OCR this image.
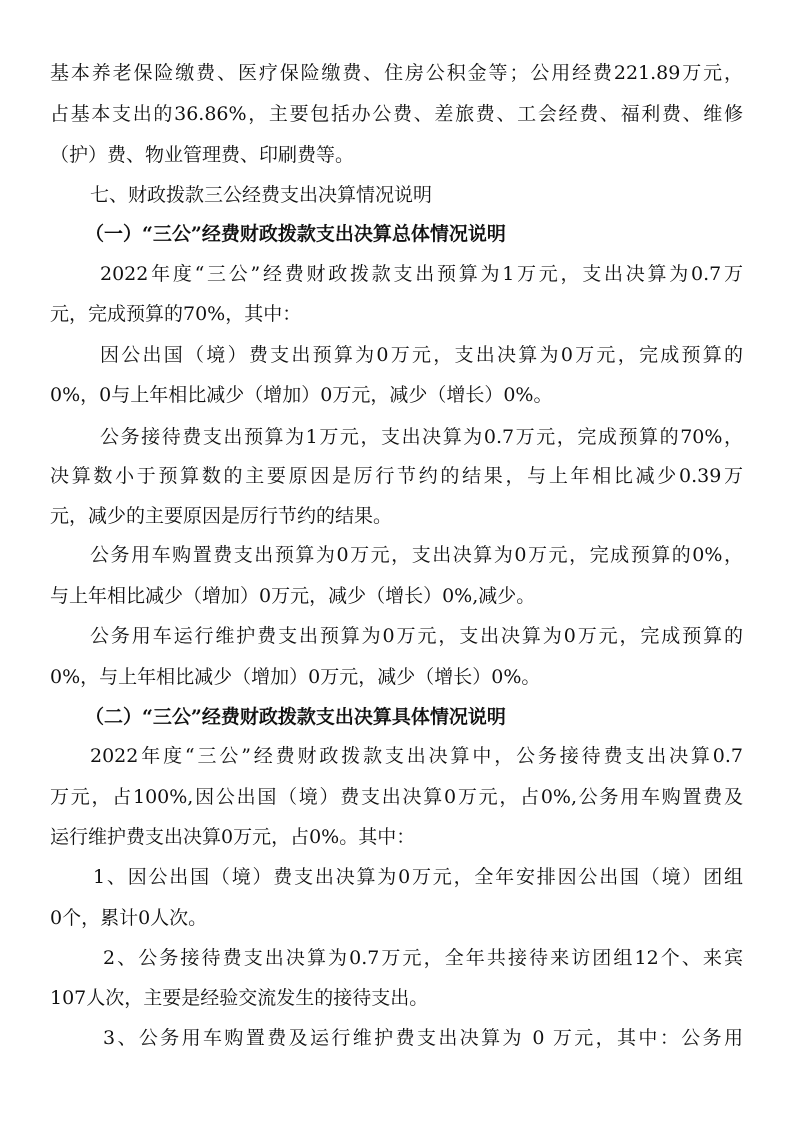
基本养老保险缴费、医疗保险缴费、住房公积金等；公用经费221.89万元，
占基本支出的36.86%，主要包括办公费、差旅费、工会经费、福利费、维修
（护）费、物业管理费、印刷费等。
七、财政拨款三公经费支出决算情况说明
（一）“三公”经费财政拨款支出决算总体情况说明
2022年度“三公”经费财政拨款支出预算为1万元，支出决算为0.7万
元，完成预算的70%，其中：
因公出国（境）费支出预算为0万元，支出决算为0万元，完成预算的
0%，0与上年相比减少（增加）0万元，减少（增长）0%。
公务接待费支出预算为1万元，支出决算为0.7万元，完成预算的70%，
决算数小于预算数的主要原因是厉行节约的结果，与上年相比减少0.39万
元，减少的主要原因是厉行节约的结果。
公务用车购置费支出预算为0万元，支出决算为0万元，完成预算的0%，
与上年相比减少（增加）0万元，减少（增长）0%,减少。
公务用车运行维护费支出预算为0万元，支出决算为0万元，完成预算的
0%，与上年相比减少（增加）0万元，减少（增长）0%。
（二）“三公”经费财政拨款支出决算具体情况说明
2022年度“三公”经费财政拨款支出决算中，公务接待费支出决算0.7
万元，占100%,因公出国（境）费支出决算0万元，占0%,公务用车购置费及
运行维护费支出决算0万元，占0%。其中：
1、因公出国（境）费支出决算为0万元，全年安排因公出国（境）团组
0个，累计0人次。
2、公务接待费支出决算为0.7万元，全年共接待来访团组12个、来宾
107人次，主要是经验交流发生的接待支出。
3、公务用车购置费及运行维护费支出决算为 0 万元，其中：公务用
